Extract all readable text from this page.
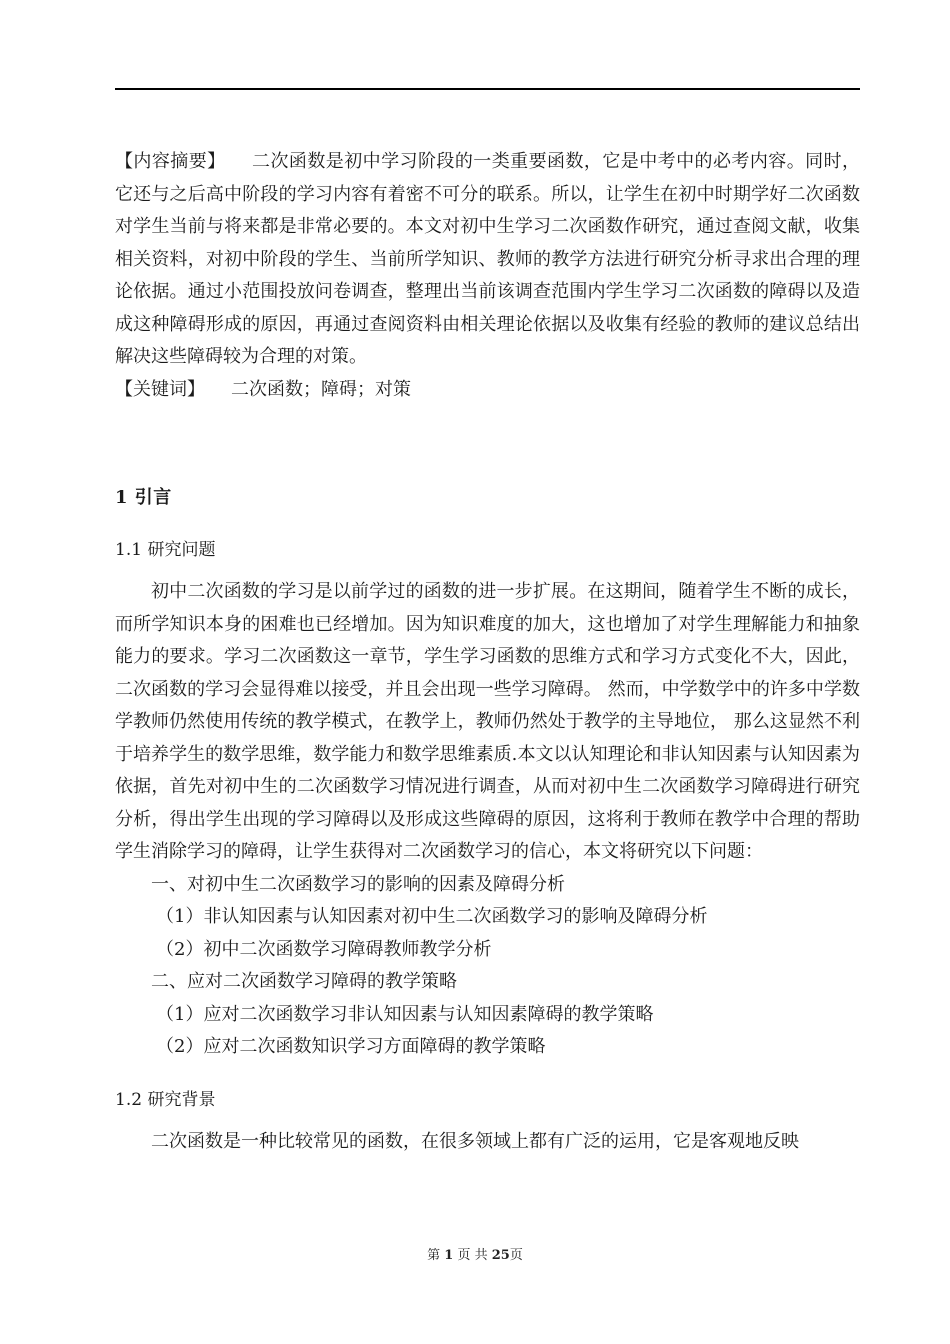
【内容摘要】 二次函数是初中学习阶段的一类重要函数，它是中考中的必考内容。同时，它还与之后高中阶段的学习内容有着密不可分的联系。所以，让学生在初中时期学好二次函数对学生当前与将来都是非常必要的。本文对初中生学习二次函数作研究，通过查阅文献，收集相关资料，对初中阶段的学生、当前所学知识、教师的教学方法进行研究分析寻求出合理的理论依据。通过小范围投放问卷调查，整理出当前该调查范围内学生学习二次函数的障碍以及造成这种障碍形成的原因，再通过查阅资料由相关理论依据以及收集有经验的教师的建议总结出解决这些障碍较为合理的对策。

【关键词】 二次函数；障碍；对策

1 引言
1.1 研究问题

初中二次函数的学习是以前学过的函数的进一步扩展。在这期间，随着学生不断的成长，而所学知识本身的困难也已经增加。因为知识难度的加大，这也增加了对学生理解能力和抽象能力的要求。学习二次函数这一章节，学生学习函数的思维方式和学习方式变化不大，因此，二次函数的学习会显得难以接受，并且会出现一些学习障碍。 然而，中学数学中的许多中学数学教师仍然使用传统的教学模式，在教学上，教师仍然处于教学的主导地位， 那么这显然不利于培养学生的数学思维，数学能力和数学思维素质.本文以认知理论和非认知因素与认知因素为依据，首先对初中生的二次函数学习情况进行调查，从而对初中生二次函数学习障碍进行研究分析，得出学生出现的学习障碍以及形成这些障碍的原因，这将利于教师在教学中合理的帮助学生消除学习的障碍，让学生获得对二次函数学习的信心，本文将研究以下问题：

一、对初中生二次函数学习的影响的因素及障碍分析
（1）非认知因素与认知因素对初中生二次函数学习的影响及障碍分析
（2）初中二次函数学习障碍教师教学分析
二、应对二次函数学习障碍的教学策略
（1）应对二次函数学习非认知因素与认知因素障碍的教学策略
（2）应对二次函数知识学习方面障碍的教学策略
1.2 研究背景

二次函数是一种比较常见的函数，在很多领域上都有广泛的运用，它是客观地反映

第 1 页 共 25页
